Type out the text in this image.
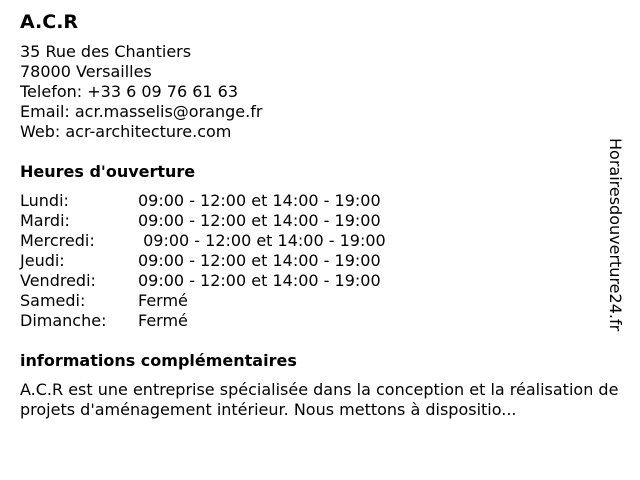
A.C.R
35 Rue des Chantiers
78000 Versailles
Telefon: +33 6 09 76 61 63
Email: acr.masselis@orange.fr
Web: acr-architecture.com
Heures d'ouverture
Lundi:	09:00 - 12:00 et 14:00 - 19:00
Mardi:	09:00 - 12:00 et 14:00 - 19:00
Mercredi:	09:00 - 12:00 et 14:00 - 19:00
Jeudi:	09:00 - 12:00 et 14:00 - 19:00
Vendredi:	09:00 - 12:00 et 14:00 - 19:00
Samedi:	Fermé
Dimanche:	Fermé
informations complémentaires
A.C.R est une entreprise spécialisée dans la conception et la réalisation de projets d'aménagement intérieur. Nous mettons à dispositio...
Horairesdouverture24.fr
